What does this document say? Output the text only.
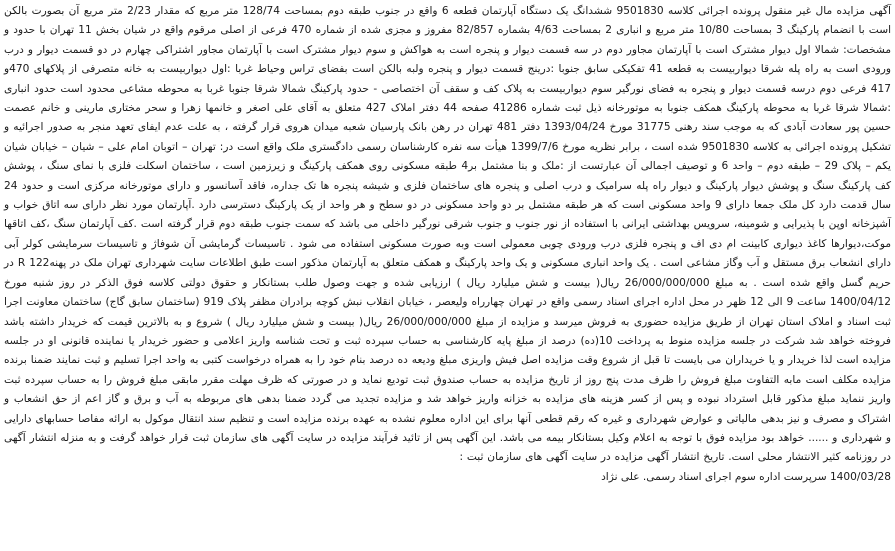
آگهی مزایده مال غیر منقول پرونده اجرائی کلاسه 9501830 ششدانگ یک دستگاه آپارتمان قطعه 6 واقع در جنوب طبقه دوم بمساحت 128/74 متر مربع که مقدار 2/23 متر مربع آن بصورت بالکن است با انضمام پارکینگ 3 بمساحت 10/80 متر مربع و انباری 2 بمساحت 4/63 بشماره 82/857 مفروز و مجزی شده از شماره 470 فرعی از اصلی مرقوم واقع در شیان بخش 11 تهران با حدود و مشخصات: شمالا اول دیوار مشترک است با آپارتمان مجاور دوم در سه قسمت دیوار و پنجره است به هواکش و سوم دیوار مشترک است با آپارتمان مجاور اشتراکی چهارم در دو قسمت دیوار و درب ورودی است به راه پله شرقا دیواربیست به قطعه 41 تفکیکی سابق جنوبا :درینج قسمت دیوار و پنجره ولبه بالکن است بفضای تراس وحیاط غربا :اول دیواربیست به خانه متصرفی از پلاکهای 470و 417 فرعی دوم درسه قسمت دیوار و پنجره به فضای نورگیر سوم دیواربیست به پلاک کف و سقف آن اختصاصی - حدود پارکینگ شمالا شرقا جنوبا غربا به محوطه مشاعی محدود است حدود انباری :شمالا شرقا غربا به محوطه پارکینگ همکف جنوبا به موتورخانه ذیل ثبت شماره 41286 صفحه 44 دفتر املاک 427 متعلق به آقای علی اصغر و خانمها زهرا و سحر مختاری مارینی و خانم عصمت حسین پور سعادت آبادی که به موجب سند رهنی 31775 مورخ 1393/04/24 دفتر 481 تهران در رهن بانک پارسیان شعبه میدان هروی قرار گرفته ، به علت عدم ایفای تعهد منجر به صدور اجرائیه و تشکیل پرونده اجرائی به کلاسه 9501830 شده است ، برابر نظریه مورخ 1399/7/6 هیأت سه نفره کارشناسان رسمی دادگستری ملک واقع است در: تهران – اتوبان امام علی – شیان – خیابان شیان یکم – پلاک 29 – طبقه دوم – واحد 6 و توصیف اجمالی آن عبارتست از :ملک و بنا مشتمل بر4 طبقه مسکونی روی همکف پارکینگ و زیرزمین است ، ساختمان اسکلت فلزی با نمای سنگ ، پوشش کف پارکینگ سنگ و پوشش دیوار پارکینگ و دیوار راه پله سرامیک و درب اصلی و پنجره های ساختمان فلزی و شیشه پنجره ها تک جداره، فاقد آسانسور و دارای موتورخانه مرکزی است و حدود 24 سال قدمت دارد کل ملک جمعا دارای 9 واحد مسکونی است که هر طبقه مشتمل بر دو واحد مسکونی در دو سطح و هر واحد از یک پارکینگ دسترسی دارد .آپارتمان مورد نظر دارای سه اتاق خواب و آشپزخانه اوپن با پذیرایی و شومینه، سرویس بهداشتی ایرانی با استفاده از نور جنوب و جنوب شرقی نورگیر داخلی می باشد که سمت جنوب طبقه دوم قرار گرفته است .کف آپارتمان سنگ ،کف اتاقها موکت،دیوارها کاغذ دیواری کابینت ام دی اف و پنجره فلزی درب ورودی چوبی معمولی است وبه صورت مسکونی استفاده می شود . تاسیسات گرمایشی آن شوفاژ و تاسیسات سرمایشی کولر آبی دارای انشعاب برق مستقل و آب وگاز مشاعی است . یک واحد انباری مسکونی و یک واحد پارکینگ و همکف متعلق به آپارتمان مذکور است طبق اطلاعات سایت شهرداری تهران ملک در پهنه122 R در حریم گسل واقع شده است . به مبلغ 26/000/000/000 ریال( بیست و شش میلیارد ریال ) ارزیابی شده و جهت وصول طلب بستانکار و حقوق دولتی کلاسه فوق الذکر در روز شنبه مورخ 1400/04/12 ساعت 9 الی 12 ظهر در محل اداره اجرای اسناد رسمی واقع در تهران چهارراه ولیعصر ، خیابان انقلاب نبش کوچه برادران مظفر پلاک 919 (ساختمان سابق گاج) ساختمان معاونت اجرا ثبت اسناد و املاک استان تهران از طریق مزایده حضوری به فروش میرسد و مزایده از مبلغ 26/000/000/000 ریال( بیست و شش میلیارد ریال ) شروع و به بالاترین قیمت که خریدار داشته باشد فروخته خواهد شد شرکت در جلسه مزایده منوط به پرداخت 10(ده) درصد از مبلغ پایه کارشناسی به حساب سپرده ثبت و تحت شناسه واریز اعلامی و حضور خریدار یا نماینده قانونی او در جلسه مزایده است لذا خریدار و یا خریداران می بایست تا قبل از شروع وقت مزایده اصل فیش واریزی مبلغ ودیعه ده درصد بنام خود را به همراه درخواست کتبی به واحد اجرا تسلیم و ثبت نمایند ضمنا برنده مزایده مکلف است مابه التفاوت مبلغ فروش را ظرف مدت پنج روز از تاریخ مزایده به حساب صندوق ثبت تودیع نماید و در صورتی که ظرف مهلت مقرر مابقی مبلغ فروش را به حساب سپرده ثبت واریز ننماید مبلغ مذکور قابل استرداد نبوده و پس از کسر هزینه های مزایده به خزانه واریز خواهد شد و مزایده تجدید می گردد ضمنا بدهی های مربوطه به آب و برق و گاز اعم از حق انشعاب و اشتراک و مصرف و نیز بدهی مالیاتی و عوارض شهرداری و غیره که رقم قطعی آنها برای این اداره معلوم نشده به عهده برنده مزایده است و تنظیم سند انتقال موکول به ارائه مفاصا حسابهای دارایی و شهرداری و ...... خواهد بود مزایده فوق با توجه به اعلام وکیل بستانکار بیمه می باشد. این آگهی پس از تائید فرآیند مزایده در سایت آگهی های سازمان ثبت قرار خواهد گرفت و به منزله انتشار آگهی در روزنامه کثیر الانتشار محلی است. تاریخ انتشار آگهی مزایده در سایت آگهی های سازمان ثبت :
1400/03/28 سرپرست اداره سوم اجرای اسناد رسمی. علی نژاد
